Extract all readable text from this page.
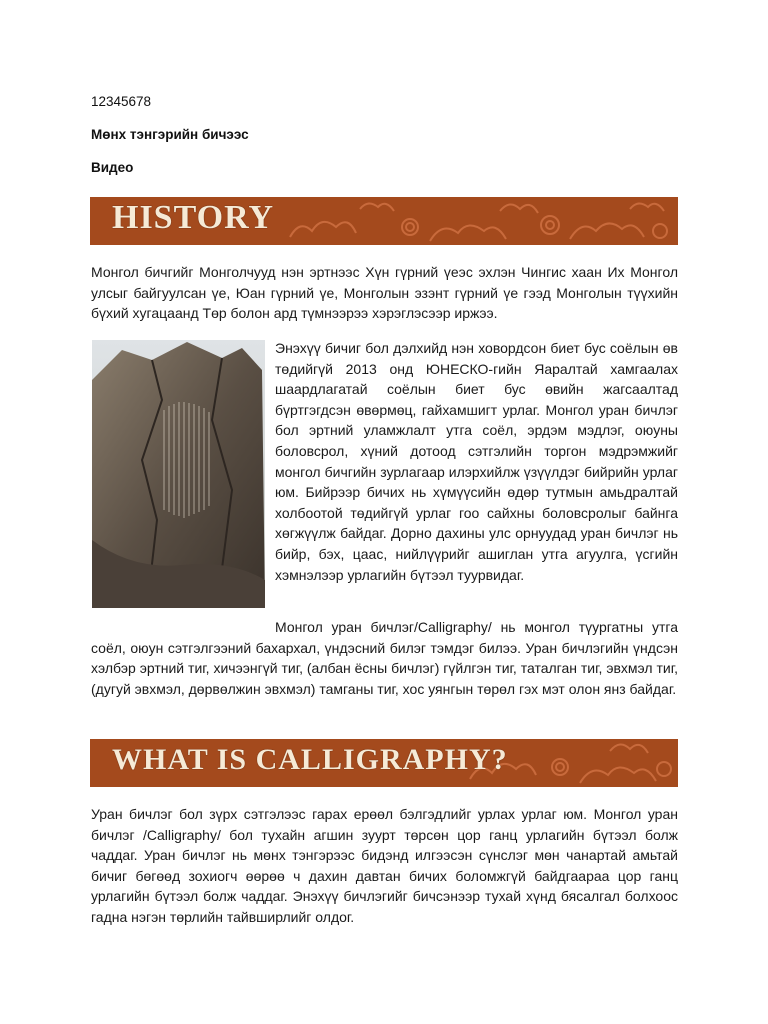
12345678
Мөнх тэнгэрийн бичээс
Видео
HISTORY
Монгол бичгийг Монголчууд нэн эртнээс Хүн гүрний үеэс эхлэн Чингис хаан Их Монгол улсыг байгуулсан үе, Юан гүрний үе, Монголын эзэнт гүрний үе гээд Монголын түүхийн бүхий хугацаанд Төр болон ард түмнээрээ хэрэглэсээр иржээ.
Энэхүү бичиг бол дэлхийд нэн ховордсон биет бус соёлын өв төдийгүй 2013 онд ЮНЕСКО-гийн Яаралтай хамгаалах шаардлагатай соёлын биет бус өвийн жагсаалтад бүртгэгдсэн өвөрмөц, гайхамшигт урлаг. Монгол уран бичлэг бол эртний уламжлалт утга соёл, эрдэм мэдлэг, оюуны боловсрол, хүний дотоод сэтгэлийн торгон мэдрэмжийг монгол бичгийн зурлагаар илэрхийлж үзүүлдэг бийрийн урлаг юм. Бийрээр бичих нь хүмүүсийн өдөр тутмын амьдралтай холбоотой төдийгүй урлаг гоо сайхны боловсролыг байнга хөгжүүлж байдаг. Дорно дахины улс орнуудад уран бичлэг нь бийр, бэх, цаас, нийлүүрийг ашиглан утга агуулга, үсгийн хэмнэлээр урлагийн бүтээл туурвидаг.
Монгол уран бичлэг/Calligraphy/ нь монгол түургатны утга соёл, оюун сэтгэлгээний бахархал, үндэсний билэг тэмдэг билээ. Уран бичлэгийн үндсэн хэлбэр эртний тиг, хичээнгүй тиг, (албан ёсны бичлэг) гүйлгэн тиг, таталган тиг, эвхмэл тиг, (дугуй эвхмэл, дөрвөлжин эвхмэл) тамганы тиг, хос уянгын төрөл гэх мэт олон янз байдаг.
WHAT IS CALLIGRAPHY?
Уран бичлэг бол зүрх сэтгэлээс гарах ерөөл бэлгэдлийг урлах урлаг юм. Монгол уран бичлэг /Calligraphy/ бол тухайн агшин зуурт төрсөн цор ганц урлагийн бүтээл болж чаддаг. Уран бичлэг нь мөнх тэнгэрээс бидэнд илгээсэн сүнслэг мөн чанартай амьтай бичиг бөгөөд зохиогч өөрөө ч дахин давтан бичих боломжгүй байдгаараа цор ганц урлагийн бүтээл болж чаддаг. Энэхүү бичлэгийг бичсэнээр тухай хүнд бясалгал болхоос гадна нэгэн төрлийн тайвширлийг олдог.
